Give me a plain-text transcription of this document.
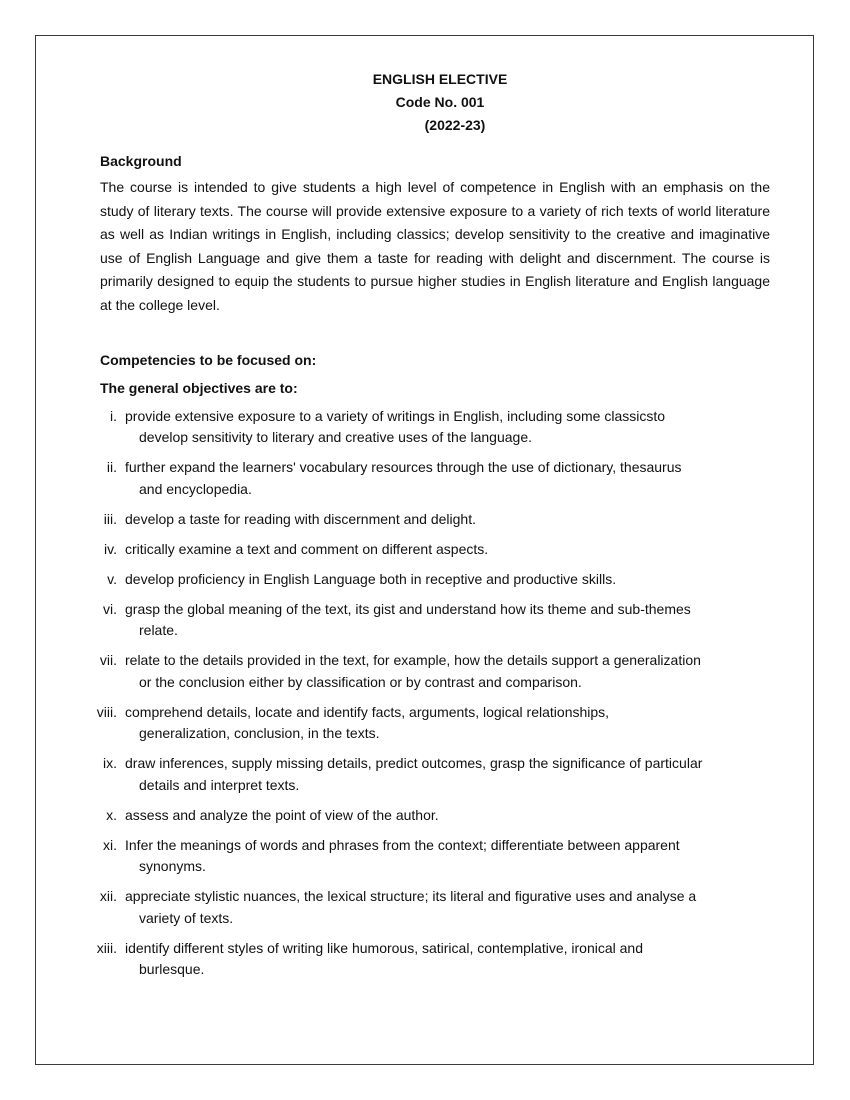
ENGLISH ELECTIVE
Code No. 001
(2022-23)
Background
The course is intended to give students a high level of competence in English with an emphasis on the study of literary texts. The course will provide extensive exposure to a variety of rich texts of world literature as well as Indian writings in English, including classics; develop sensitivity to the creative and imaginative use of English Language and give them a taste for reading with delight and discernment. The course is primarily designed to equip the students to pursue higher studies in English literature and English language at the college level.
Competencies to be focused on:
The general objectives are to:
i. provide extensive exposure to a variety of writings in English, including some classicsto develop sensitivity to literary and creative uses of the language.
ii. further expand the learners' vocabulary resources through the use of dictionary, thesaurus and encyclopedia.
iii. develop a taste for reading with discernment and delight.
iv. critically examine a text and comment on different aspects.
v. develop proficiency in English Language both in receptive and productive skills.
vi. grasp the global meaning of the text, its gist and understand how its theme and sub-themes relate.
vii. relate to the details provided in the text, for example, how the details support a generalization or the conclusion either by classification or by contrast and comparison.
viii. comprehend details, locate and identify facts, arguments, logical relationships, generalization, conclusion, in the texts.
ix. draw inferences, supply missing details, predict outcomes, grasp the significance of particular details and interpret texts.
x. assess and analyze the point of view of the author.
xi. Infer the meanings of words and phrases from the context; differentiate between apparent synonyms.
xii. appreciate stylistic nuances, the lexical structure; its literal and figurative uses and analyse a variety of texts.
xiii. identify different styles of writing like humorous, satirical, contemplative, ironical and burlesque.
